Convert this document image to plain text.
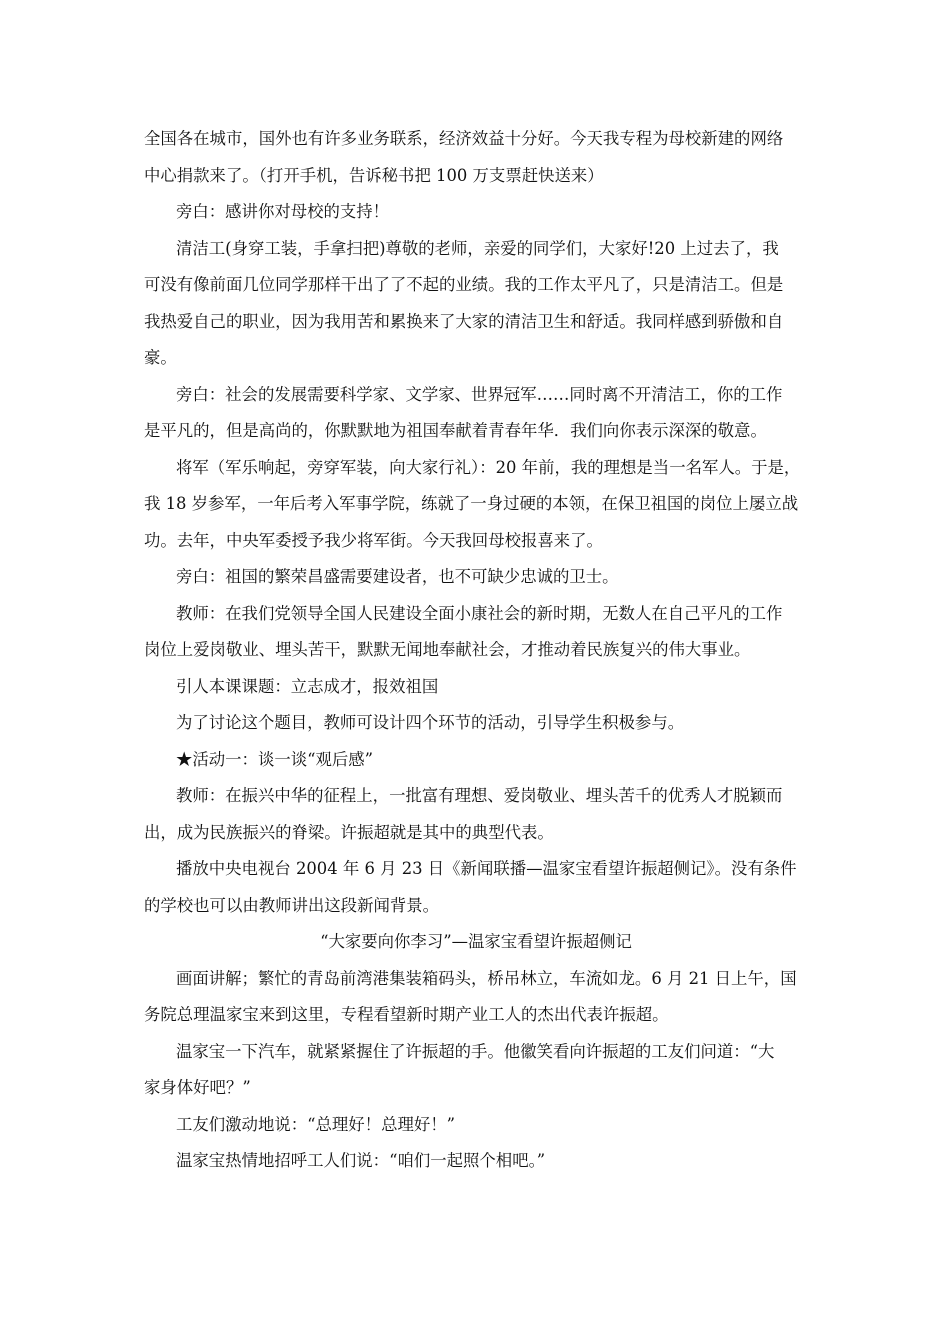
全国各在城市，国外也有许多业务联系，经济效益十分好。今天我专程为母校新建的网络
中心捐款来了。（打开手机，告诉秘书把 100 万支票赶快送来）
旁白：感讲你对母校的支持！
清洁工(身穿工装，手拿扫把)尊敬的老师，亲爱的同学们，大家好!20 上过去了，我
可没有像前面几位同学那样干出了了不起的业绩。我的工作太平凡了，只是清洁工。但是
我热爱自己的职业，因为我用苦和累换来了大家的清洁卫生和舒适。我同样感到骄傲和自
豪。
旁白：社会的发展需要科学家、文学家、世界冠军……同时离不开清洁工，你的工作
是平凡的，但是高尚的，你默默地为祖国奉献着青春年华．我们向你表示深深的敬意。
将军（军乐响起，旁穿军装，向大家行礼）：20 年前，我的理想是当一名军人。于是，
我 18 岁参军，一年后考入军事学院，练就了一身过硬的本领，在保卫祖国的岗位上屡立战
功。去年，中央军委授予我少将军街。今天我回母校报喜来了。
旁白：祖国的繁荣昌盛需要建设者，也不可缺少忠诚的卫士。
教师：在我们党领导全国人民建设全面小康社会的新时期，无数人在自己平凡的工作
岗位上爱岗敬业、埋头苦干，默默无闻地奉献社会，才推动着民族复兴的伟大事业。
引人本课课题：立志成才，报效祖国
为了讨论这个题目，教师可设计四个环节的活动，引导学生积极参与。
★活动一：谈一谈“观后感”
教师：在振兴中华的征程上，一批富有理想、爱岗敬业、埋头苦千的优秀人才脱颖而
出，成为民族振兴的脊梁。许振超就是其中的典型代表。
播放中央电视台 2004 年 6 月 23 日《新闻联播—温家宝看望许振超侧记》。没有条件
的学校也可以由教师讲出这段新闻背景。
“大家要向你李习”—温家宝看望许振超侧记
画面讲解；繁忙的青岛前湾港集装箱码头，桥吊林立，车流如龙。6 月 21 日上午，国
务院总理温家宝来到这里，专程看望新时期产业工人的杰出代表许振超。
温家宝一下汽车，就紧紧握住了许振超的手。他徽笑看向许振超的工友们问道：“大
家身体好吧？”
工友们激动地说：“总理好！总理好！”
温家宝热情地招呼工人们说：“咱们一起照个相吧。”
